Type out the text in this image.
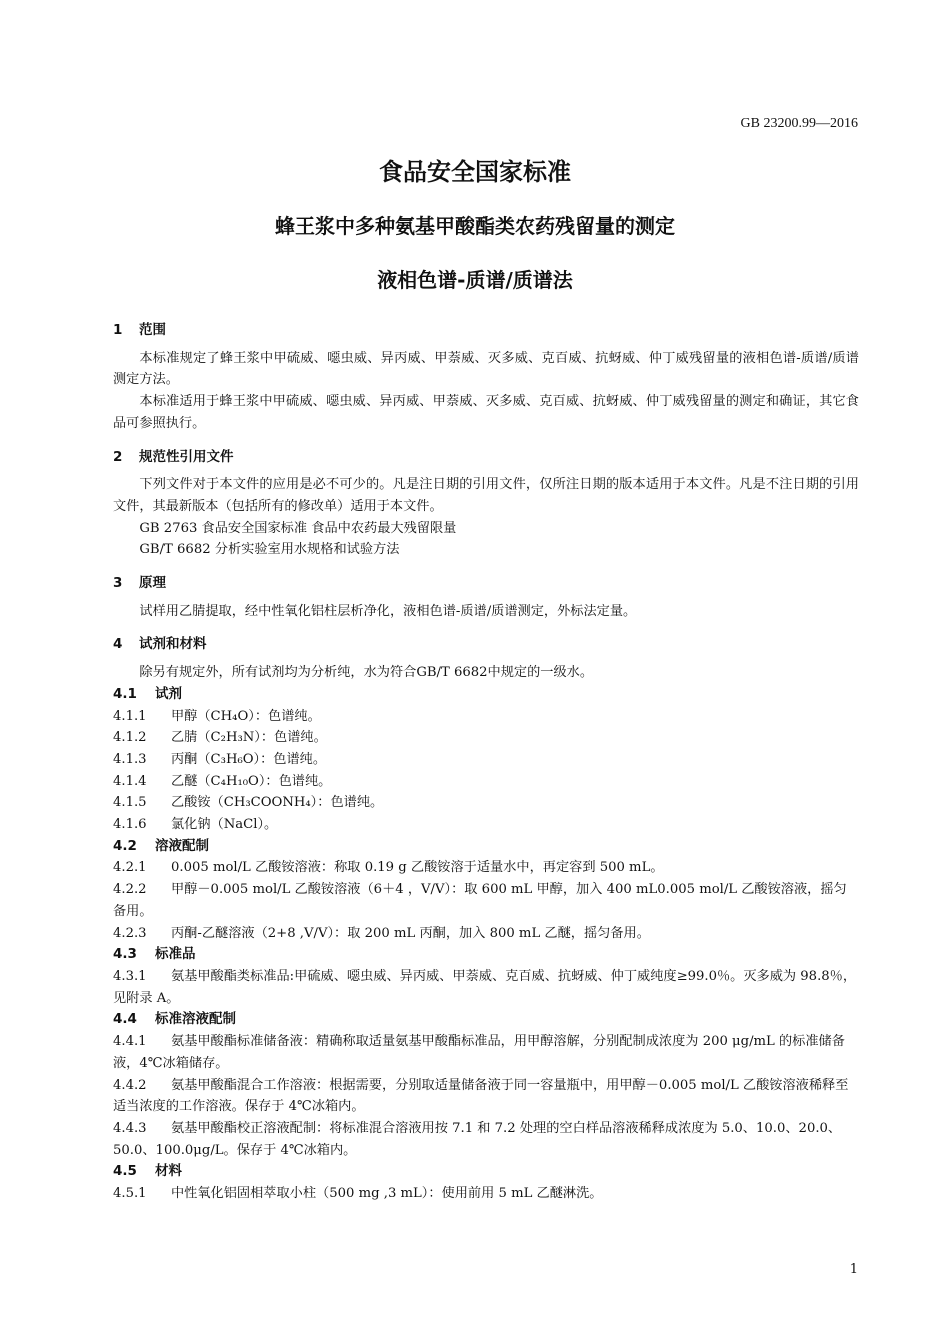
GB 23200.99—2016
食品安全国家标准
蜂王浆中多种氨基甲酸酯类农药残留量的测定
液相色谱-质谱/质谱法
1 范围
本标准规定了蜂王浆中甲硫威、噁虫威、异丙威、甲萘威、灭多威、克百威、抗蚜威、仲丁威残留量的液相色谱-质谱/质谱测定方法。
本标准适用于蜂王浆中甲硫威、噁虫威、异丙威、甲萘威、灭多威、克百威、抗蚜威、仲丁威残留量的测定和确证，其它食品可参照执行。
2 规范性引用文件
下列文件对于本文件的应用是必不可少的。凡是注日期的引用文件，仅所注日期的版本适用于本文件。凡是不注日期的引用文件，其最新版本（包括所有的修改单）适用于本文件。
GB 2763 食品安全国家标准 食品中农药最大残留限量
GB/T 6682 分析实验室用水规格和试验方法
3 原理
试样用乙腈提取，经中性氧化铝柱层析净化，液相色谱-质谱/质谱测定，外标法定量。
4 试剂和材料
除另有规定外，所有试剂均为分析纯，水为符合GB/T 6682中规定的一级水。
4.1 试剂
4.1.1 甲醇（CH₄O）：色谱纯。
4.1.2 乙腈（C₂H₃N）：色谱纯。
4.1.3 丙酮（C₃H₆O）：色谱纯。
4.1.4 乙醚（C₄H₁₀O）：色谱纯。
4.1.5 乙酸铵（CH₃COONH₄）：色谱纯。
4.1.6 氯化钠（NaCl）。
4.2 溶液配制
4.2.1 0.005 mol/L 乙酸铵溶液：称取 0.19 g 乙酸铵溶于适量水中，再定容到 500 mL。
4.2.2 甲醇－0.005 mol/L 乙酸铵溶液（6＋4 ，V/V）：取 600 mL 甲醇，加入 400 mL0.005 mol/L 乙酸铵溶液，摇匀备用。
4.2.3 丙酮-乙醚溶液（2+8 ,V/V）：取 200 mL 丙酮，加入 800 mL 乙醚，摇匀备用。
4.3 标准品
4.3.1 氨基甲酸酯类标准品:甲硫威、噁虫威、异丙威、甲萘威、克百威、抗蚜威、仲丁威纯度≥99.0％。灭多威为 98.8％，见附录 A。
4.4 标准溶液配制
4.4.1 氨基甲酸酯标准储备液：精确称取适量氨基甲酸酯标准品，用甲醇溶解，分别配制成浓度为 200 μg/mL 的标准储备液，4℃冰箱储存。
4.4.2 氨基甲酸酯混合工作溶液：根据需要，分别取适量储备液于同一容量瓶中，用甲醇－0.005 mol/L 乙酸铵溶液稀释至适当浓度的工作溶液。保存于 4℃冰箱内。
4.4.3 氨基甲酸酯校正溶液配制：将标准混合溶液用按 7.1 和 7.2 处理的空白样品溶液稀释成浓度为 5.0、10.0、20.0、50.0、100.0μg/L。保存于 4℃冰箱内。
4.5 材料
4.5.1 中性氧化铝固相萃取小柱（500 mg ,3 mL）：使用前用 5 mL 乙醚淋洗。
1
